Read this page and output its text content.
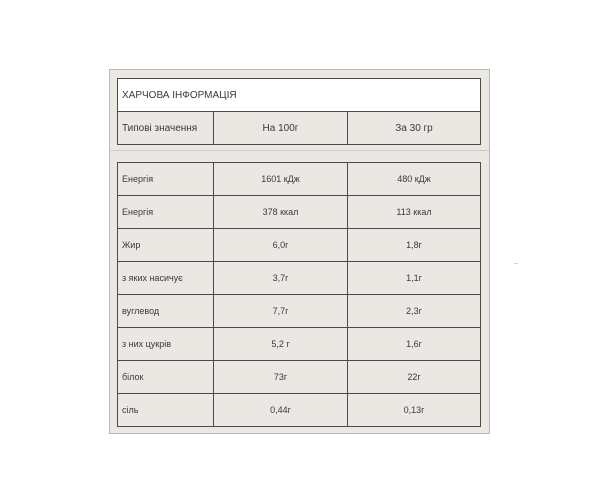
ХАРЧОВА ІНФОРМАЦІЯ
Типові значення	На 100г	За 30 гр
Енергія	1601 кДж	480 кДж
Енергія	378 ккал	113 ккал
Жир	6,0г	1,8г
з яких насичує	3,7г	1,1г
вуглевод	7,7г	2,3г
з них цукрів	5,2 г	1,6г
білок	73г	22г
сіль	0,44г	0,13г
